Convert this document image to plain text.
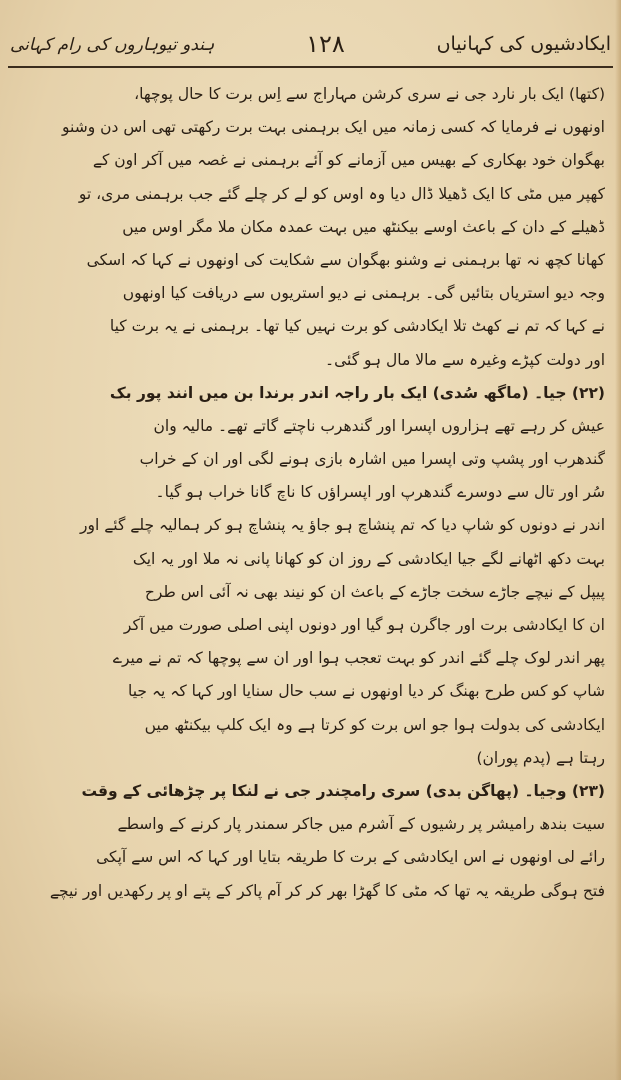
ایکادشیوں کی کہانیاں
۱۲۸
ہندو تیوہاروں کی رام کہانی
(کتھا) ایک بار نارد جی نے سری کرشن مہاراج سے اِس برت کا حال پوچھا،
اونھوں نے فرمایا کہ کسی زمانہ میں ایک برہمنی بہت برت رکھتی تھی اس دن وشنو
بھگوان خود بھکاری کے بھیس میں آزمانے کو آئے برہمنی نے غصہ میں آکر اون کے
کھپر میں مٹی کا ایک ڈھیلا ڈال دیا وہ اوس کو لے کر چلے گئے جب برہمنی مری، تو
ڈھیلے کے دان کے باعث اوسے بیکنٹھ میں بہت عمدہ مکان ملا مگر اوس میں
کھانا کچھ نہ تھا برہمنی نے وشنو بھگوان سے شکایت کی اونھوں نے کہا کہ اسکی
وجہ دیو استریاں بتائیں گی۔ برہمنی نے دیو استریوں سے دریافت کیا اونھوں
نے کہا کہ تم نے کھٹ تلا ایکادشی کو برت نہیں کیا تھا۔ برہمنی نے یہ برت کیا
اور دولت کپڑے وغیرہ سے مالا مال ہو گئی۔
(۲۲) جیا۔ (ماگھ سُدی) ایک بار راجہ اندر برندا بن میں انند پور بک
عیش کر رہے تھے ہزاروں اپسرا اور گندھرب ناچتے گاتے تھے۔ مالیہ وان
گندھرب اور پشپ وتی اپسرا میں اشارہ بازی ہونے لگی اور ان کے خراب
سُر اور تال سے دوسرے گندھرپ اور اپسراؤں کا ناچ گانا خراب ہو گیا۔
اندر نے دونوں کو شاپ دیا کہ تم پنشاچ ہو جاؤ یہ پنشاچ ہو کر ہمالیہ چلے گئے اور
بہت دکھ اٹھانے لگے جیا ایکادشی کے روز ان کو کھانا پانی نہ ملا اور یہ ایک
پیپل کے نیچے جاڑے سخت جاڑے کے باعث ان کو نیند بھی نہ آئی اس طرح
ان کا ایکادشی برت اور جاگرن ہو گیا اور دونوں اپنی اصلی صورت میں آکر
پھر اندر لوک چلے گئے اندر کو بہت تعجب ہوا اور ان سے پوچھا کہ تم نے میرے
شاپ کو کس طرح بھنگ کر دیا اونھوں نے سب حال سنایا اور کہا کہ یہ جیا
ایکادشی کی بدولت ہوا جو اس برت کو کرتا ہے وہ ایک کلپ بیکنٹھ میں
رہتا ہے (پدم پوران)
(۲۳) وجیا۔ (پھاگن بدی) سری رامچندر جی نے لنکا پر چڑھائی کے وقت
سیت بندھ رامیشر پر رشیوں کے آشرم میں جاکر سمندر پار کرنے کے واسطے
رائے لی اونھوں نے اس ایکادشی کے برت کا طریقہ بتایا اور کہا کہ اس سے آپکی
فتح ہوگی طریقہ یہ تھا کہ مٹی کا گھڑا بھر کر کر آم پاکر کے پتے او پر رکھدیں اور نیچے
